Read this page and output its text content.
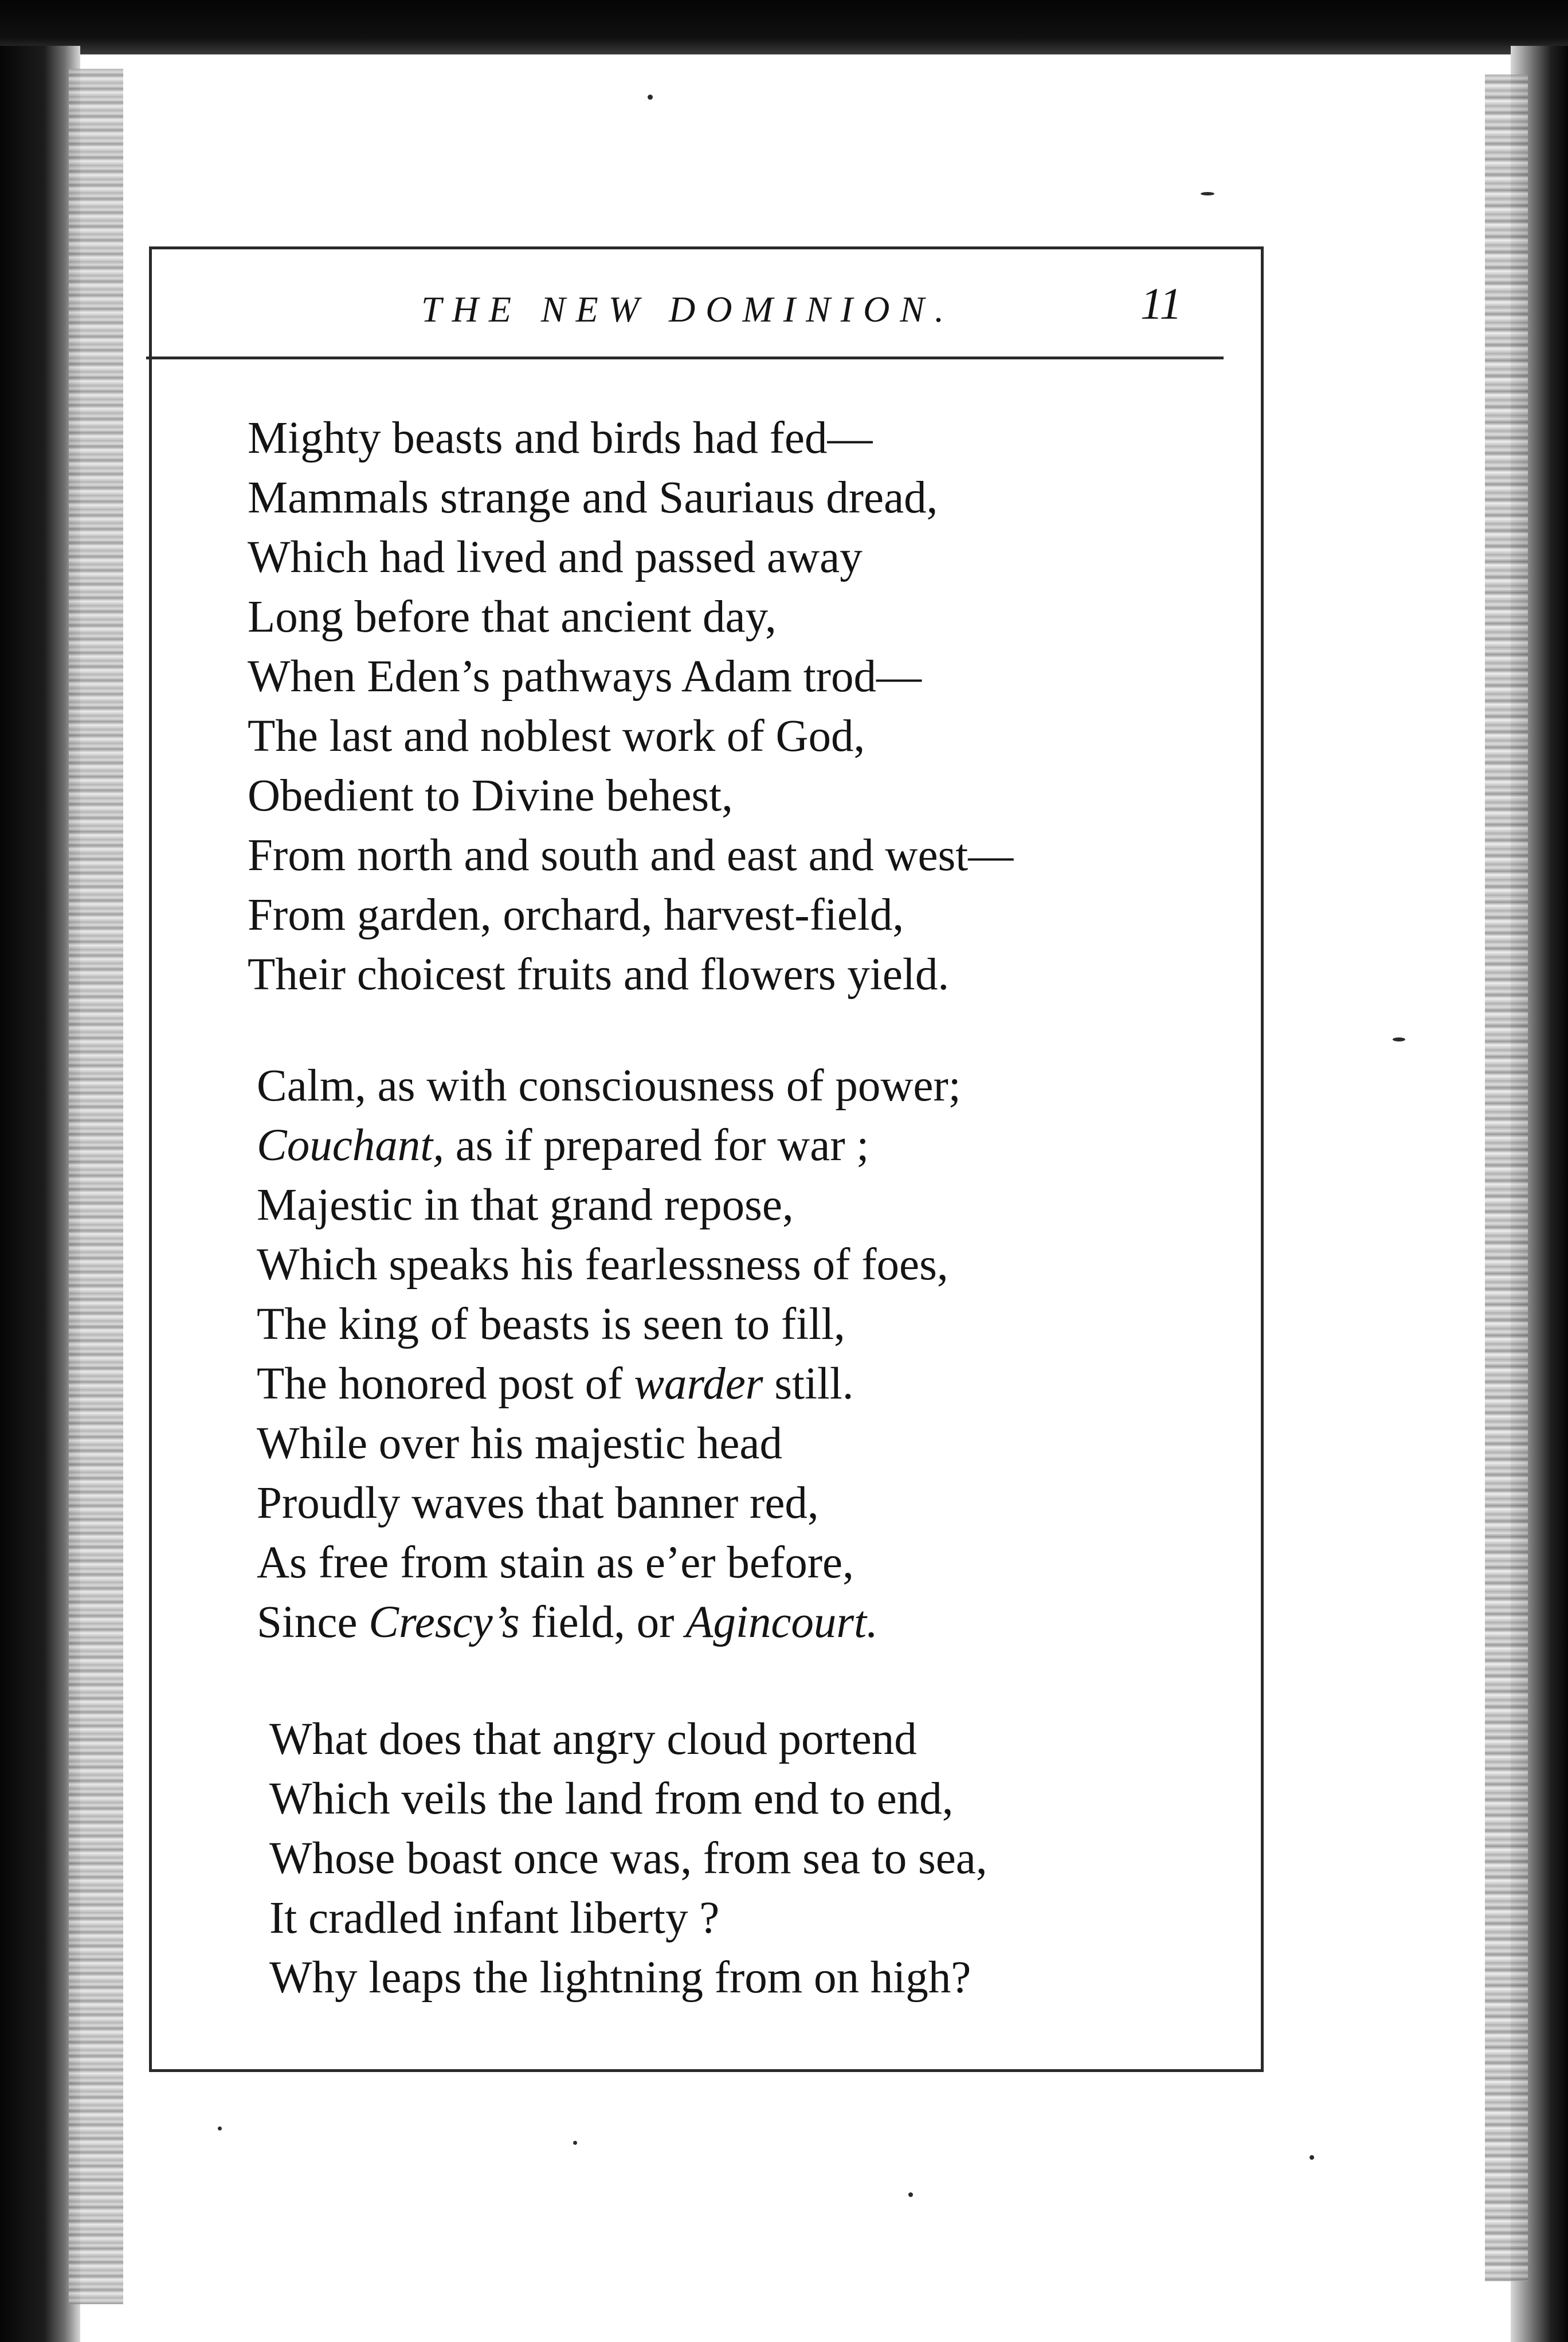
THE NEW DOMINION.	11
Mighty beasts and birds had fed—
Mammals strange and Sauriaus dread,
Which had lived and passed away
Long before that ancient day,
When Eden’s pathways Adam trod—
The last and noblest work of God,
Obedient to Divine behest,
From north and south and east and west—
From garden, orchard, harvest-field,
Their choicest fruits and flowers yield.
Calm, as with consciousness of power;
Couchant, as if prepared for war ;
Majestic in that grand repose,
Which speaks his fearlessness of foes,
The king of beasts is seen to fill,
The honored post of warder still.
While over his majestic head
Proudly waves that banner red,
As free from stain as e’er before,
Since Crescy’s field, or Agincourt.
What does that angry cloud portend
Which veils the land from end to end,
Whose boast once was, from sea to sea,
It cradled infant liberty ?
Why leaps the lightning from on high?
